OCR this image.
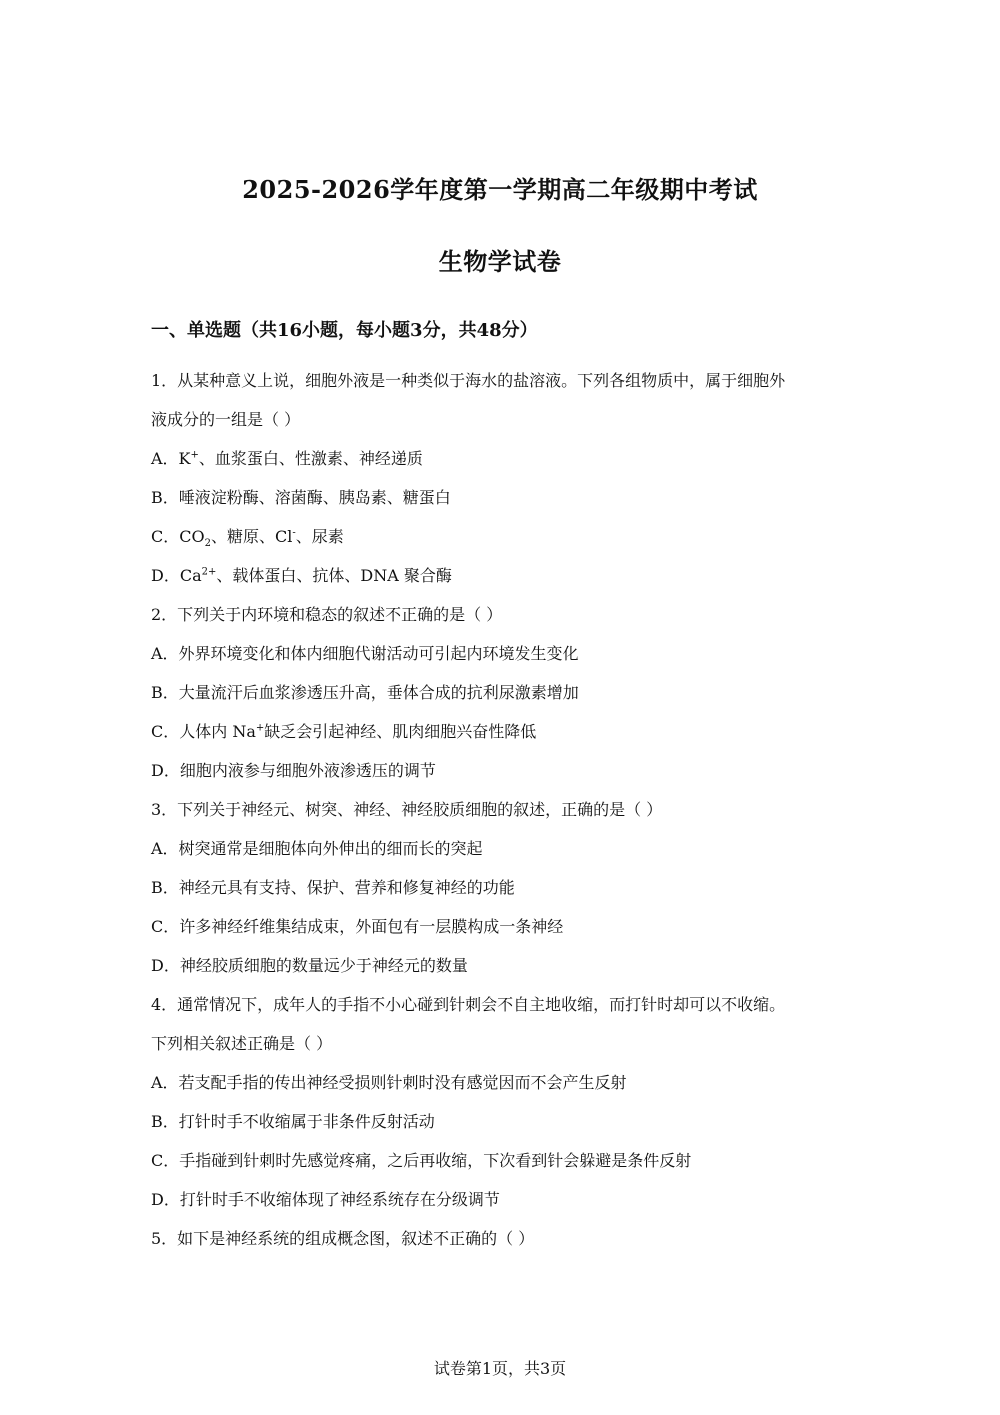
2025-2026学年度第一学期高二年级期中考试
生物学试卷
一、单选题（共16小题，每小题3分，共48分）
1．从某种意义上说，细胞外液是一种类似于海水的盐溶液。下列各组物质中，属于细胞外
液成分的一组是（ ）
A．K+、血浆蛋白、性激素、神经递质
B．唾液淀粉酶、溶菌酶、胰岛素、糖蛋白
C．$CO_2$、糖原、Cl-、尿素
D．$Ca^{2+}$、载体蛋白、抗体、DNA 聚合酶
2．下列关于内环境和稳态的叙述不正确的是（ ）
A．外界环境变化和体内细胞代谢活动可引起内环境发生变化
B．大量流汗后血浆渗透压升高，垂体合成的抗利尿激素增加
C．人体内 Na+缺乏会引起神经、肌肉细胞兴奋性降低
D．细胞内液参与细胞外液渗透压的调节
3．下列关于神经元、树突、神经、神经胶质细胞的叙述，正确的是（ ）
A．树突通常是细胞体向外伸出的细而长的突起
B．神经元具有支持、保护、营养和修复神经的功能
C．许多神经纤维集结成束，外面包有一层膜构成一条神经
D．神经胶质细胞的数量远少于神经元的数量
4．通常情况下，成年人的手指不小心碰到针刺会不自主地收缩，而打针时却可以不收缩。
下列相关叙述正确是（ ）
A．若支配手指的传出神经受损则针刺时没有感觉因而不会产生反射
B．打针时手不收缩属于非条件反射活动
C．手指碰到针刺时先感觉疼痛，之后再收缩，下次看到针会躲避是条件反射
D．打针时手不收缩体现了神经系统存在分级调节
5．如下是神经系统的组成概念图，叙述不正确的（ ）
试卷第1页，共3页
